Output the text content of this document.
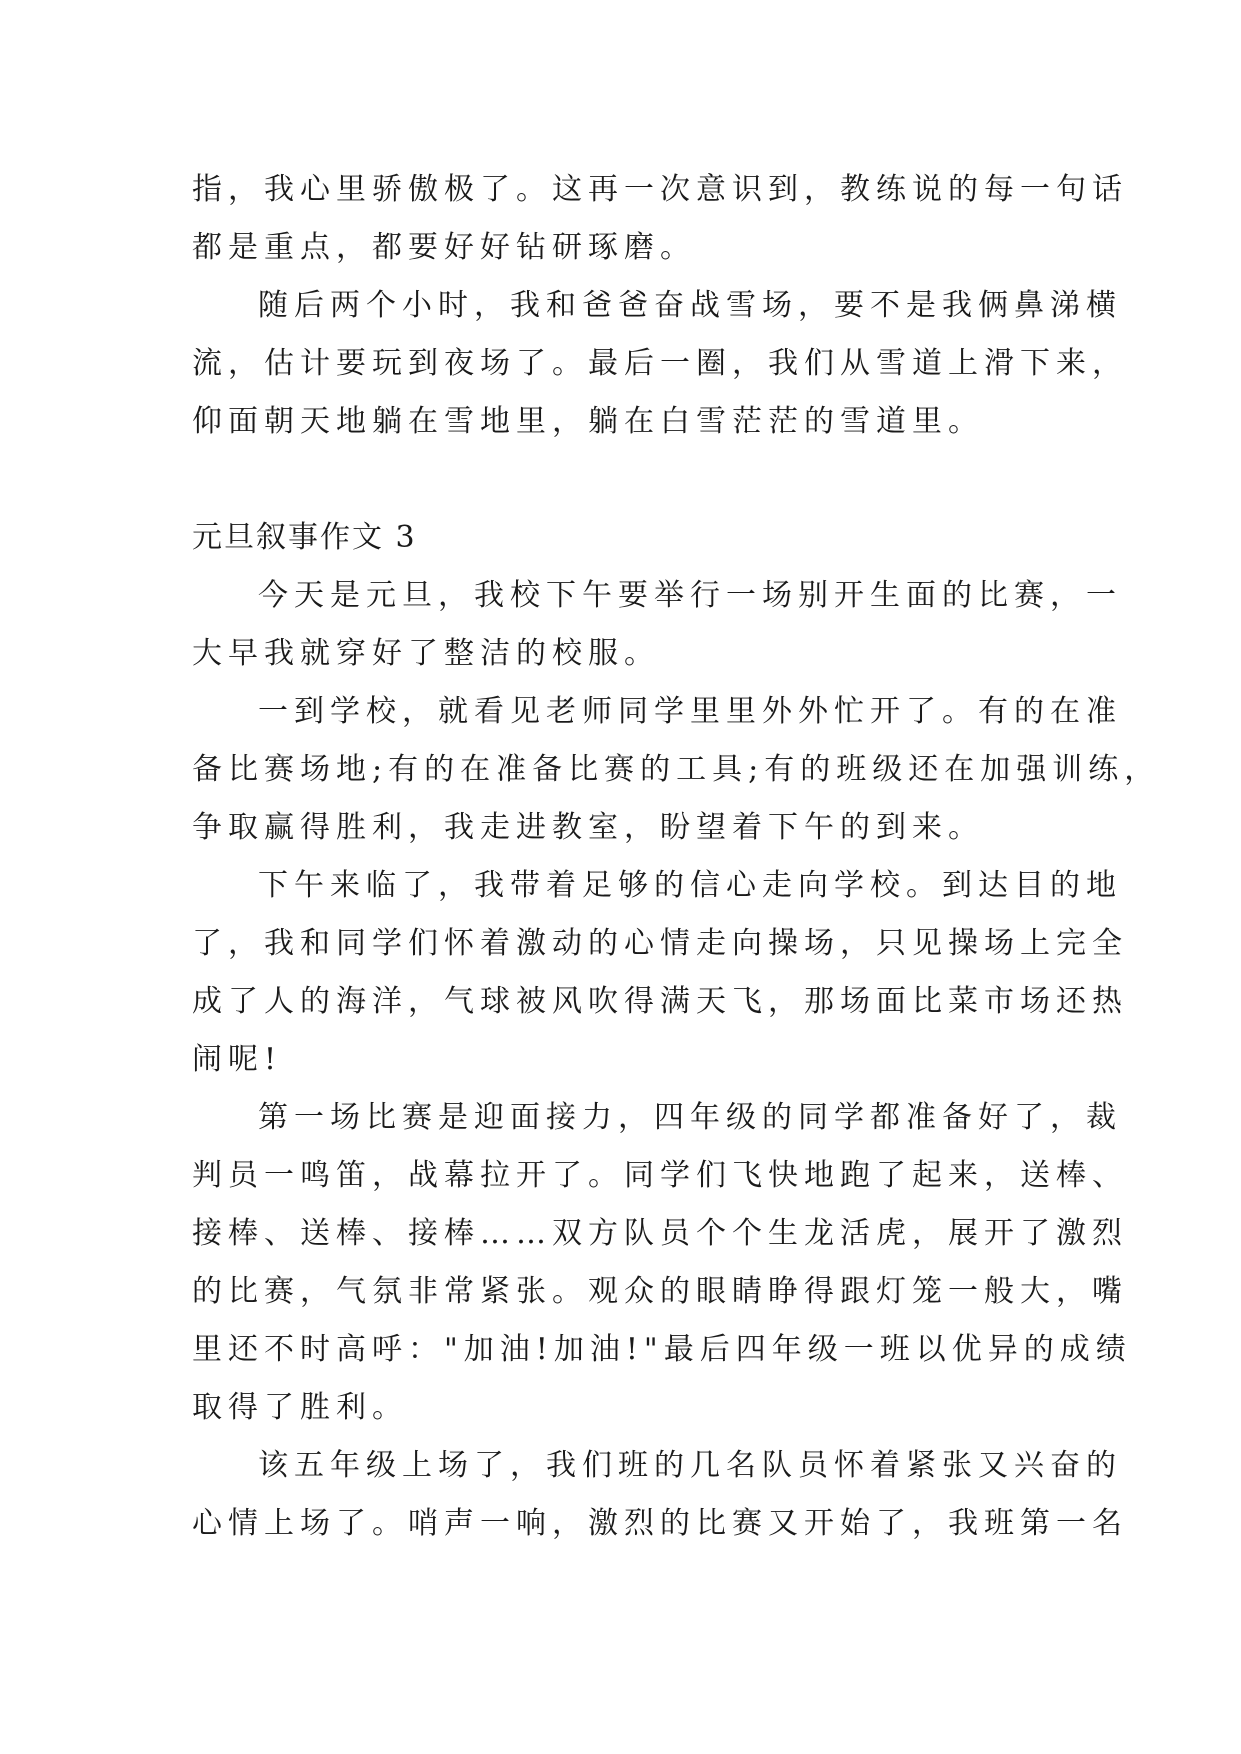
指，我心里骄傲极了。这再一次意识到，教练说的每一句话
都是重点，都要好好钻研琢磨。
随后两个小时，我和爸爸奋战雪场，要不是我俩鼻涕横
流，估计要玩到夜场了。最后一圈，我们从雪道上滑下来，
仰面朝天地躺在雪地里，躺在白雪茫茫的雪道里。
元旦叙事作文 3
今天是元旦，我校下午要举行一场别开生面的比赛，一
大早我就穿好了整洁的校服。
一到学校，就看见老师同学里里外外忙开了。有的在准
备比赛场地;有的在准备比赛的工具;有的班级还在加强训练，
争取赢得胜利，我走进教室，盼望着下午的到来。
下午来临了，我带着足够的信心走向学校。到达目的地
了，我和同学们怀着激动的心情走向操场，只见操场上完全
成了人的海洋，气球被风吹得满天飞，那场面比菜市场还热
闹呢!
第一场比赛是迎面接力，四年级的同学都准备好了，裁
判员一鸣笛，战幕拉开了。同学们飞快地跑了起来，送棒、
接棒、送棒、接棒……双方队员个个生龙活虎，展开了激烈
的比赛，气氛非常紧张。观众的眼睛睁得跟灯笼一般大，嘴
里还不时高呼："加油!加油!"最后四年级一班以优异的成绩
取得了胜利。
该五年级上场了，我们班的几名队员怀着紧张又兴奋的
心情上场了。哨声一响，激烈的比赛又开始了，我班第一名
